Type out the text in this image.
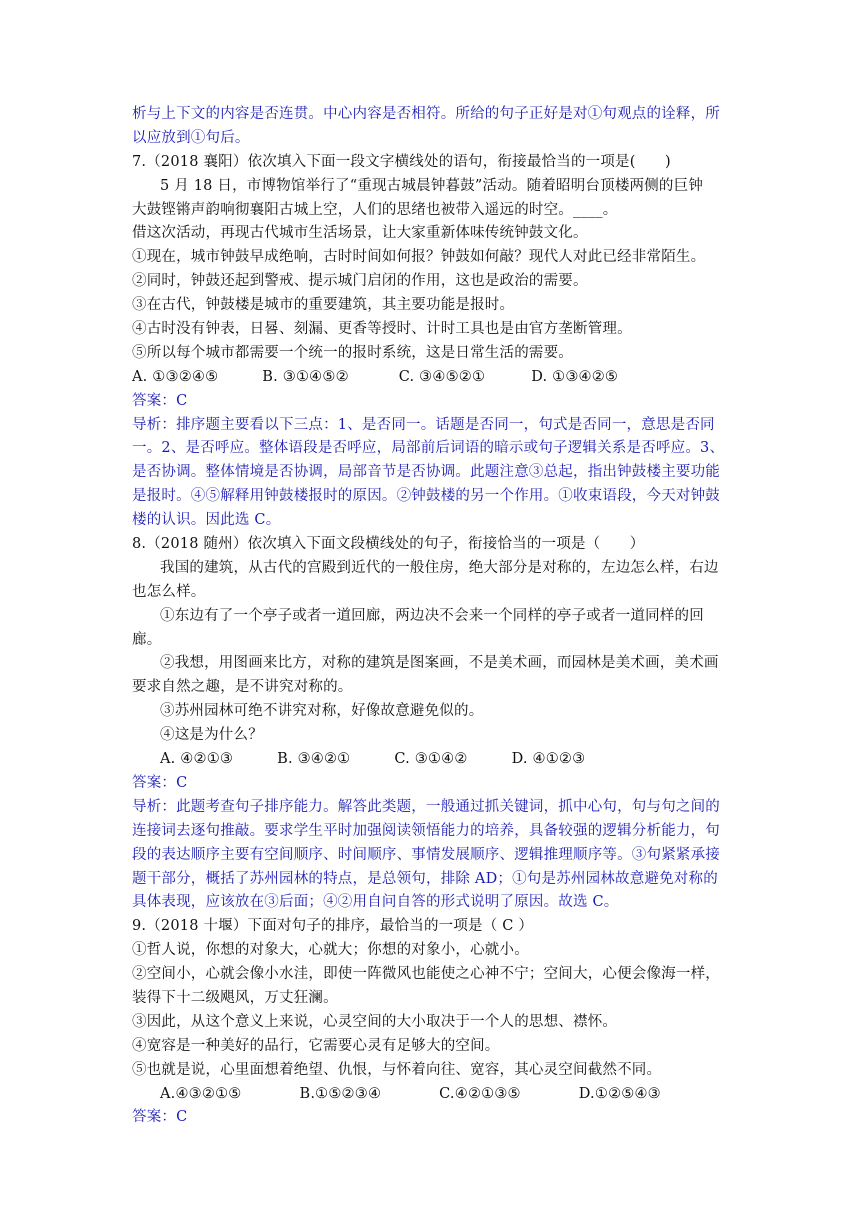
析与上下文的内容是否连贯。中心内容是否相符。所给的句子正好是对①句观点的诠释，所
以应放到①句后。
7.（2018 襄阳）依次填入下面一段文字横线处的语句，衔接最恰当的一项是(　　)
5 月 18 日，市博物馆举行了“重现古城晨钟暮鼓”活动。随着昭明台顶楼两侧的巨钟
大鼓铿锵声韵响彻襄阳古城上空，人们的思绪也被带入遥远的时空。____。
借这次活动，再现古代城市生活场景，让大家重新体味传统钟鼓文化。
①现在，城市钟鼓早成绝响，古时时间如何报？钟鼓如何敲？现代人对此已经非常陌生。
②同时，钟鼓还起到警戒、提示城门启闭的作用，这也是政治的需要。
③在古代，钟鼓楼是城市的重要建筑，其主要功能是报时。
④古时没有钟表，日晷、刻漏、更香等授时、计时工具也是由官方垄断管理。
⑤所以每个城市都需要一个统一的报时系统，这是日常生活的需要。
A. ①③②④⑤	B. ③①④⑤②	C. ③④⑤②①	D. ①③④②⑤
答案：C
导析：排序题主要看以下三点：1、是否同一。话题是否同一，句式是否同一，意思是否同
一。2、是否呼应。整体语段是否呼应，局部前后词语的暗示或句子逻辑关系是否呼应。3、
是否协调。整体情境是否协调，局部音节是否协调。此题注意③总起，指出钟鼓楼主要功能
是报时。④⑤解释用钟鼓楼报时的原因。②钟鼓楼的另一个作用。①收束语段，今天对钟鼓
楼的认识。因此选 C。
8.（2018 随州）依次填入下面文段横线处的句子，衔接恰当的一项是（　　）
我国的建筑，从古代的宫殿到近代的一般住房，绝大部分是对称的，左边怎么样，右边
也怎么样。
①东边有了一个亭子或者一道回廊，两边决不会来一个同样的亭子或者一道同样的回
廊。
②我想，用图画来比方，对称的建筑是图案画，不是美术画，而园林是美术画，美术画
要求自然之趣，是不讲究对称的。
③苏州园林可绝不讲究对称，好像故意避免似的。
④这是为什么？
A. ④②①③	B. ③④②①	C. ③①④②	D. ④①②③
答案：C
导析：此题考查句子排序能力。解答此类题，一般通过抓关键词，抓中心句，句与句之间的
连接词去逐句推敲。要求学生平时加强阅读领悟能力的培养，具备较强的逻辑分析能力，句
段的表达顺序主要有空间顺序、时间顺序、事情发展顺序、逻辑推理顺序等。③句紧紧承接
题干部分，概括了苏州园林的特点，是总领句，排除 AD；①句是苏州园林故意避免对称的
具体表现，应该放在③后面；④②用自问自答的形式说明了原因。故选 C。
9.（2018 十堰）下面对句子的排序，最恰当的一项是（ C ）
①哲人说，你想的对象大，心就大；你想的对象小，心就小。
②空间小，心就会像小水洼，即使一阵微风也能使之心神不宁；空间大，心便会像海一样，
装得下十二级飓风，万丈狂澜。
③因此，从这个意义上来说，心灵空间的大小取决于一个人的思想、襟怀。
④宽容是一种美好的品行，它需要心灵有足够大的空间。
⑤也就是说，心里面想着绝望、仇恨，与怀着向往、宽容，其心灵空间截然不同。
A.④③②①⑤	B.①⑤②③④	C.④②①③⑤	D.①②⑤④③
答案：C
